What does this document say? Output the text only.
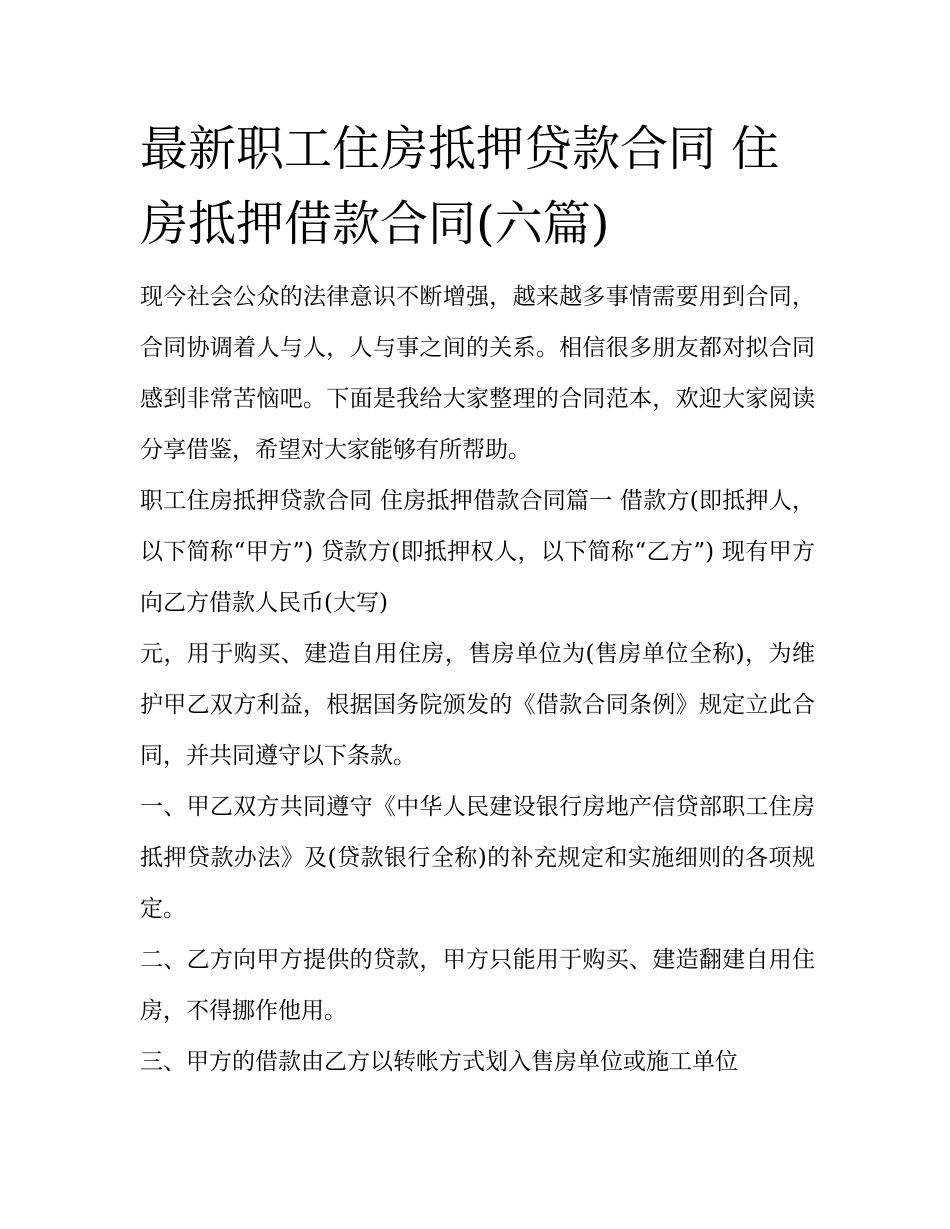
最新职工住房抵押贷款合同 住房抵押借款合同(六篇)

现今社会公众的法律意识不断增强，越来越多事情需要用到合同，合同协调着人与人，人与事之间的关系。相信很多朋友都对拟合同感到非常苦恼吧。下面是我给大家整理的合同范本，欢迎大家阅读分享借鉴，希望对大家能够有所帮助。

职工住房抵押贷款合同 住房抵押借款合同篇一 借款方(即抵押人，以下简称“甲方”) 贷款方(即抵押权人，以下简称“乙方”) 现有甲方向乙方借款人民币(大写)

元，用于购买、建造自用住房，售房单位为(售房单位全称)，为维护甲乙双方利益，根据国务院颁发的《借款合同条例》规定立此合同，并共同遵守以下条款。

一、甲乙双方共同遵守《中华人民建设银行房地产信贷部职工住房抵押贷款办法》及(贷款银行全称)的补充规定和实施细则的各项规定。

二、乙方向甲方提供的贷款，甲方只能用于购买、建造翻建自用住房，不得挪作他用。

三、甲方的借款由乙方以转帐方式划入售房单位或施工单位
